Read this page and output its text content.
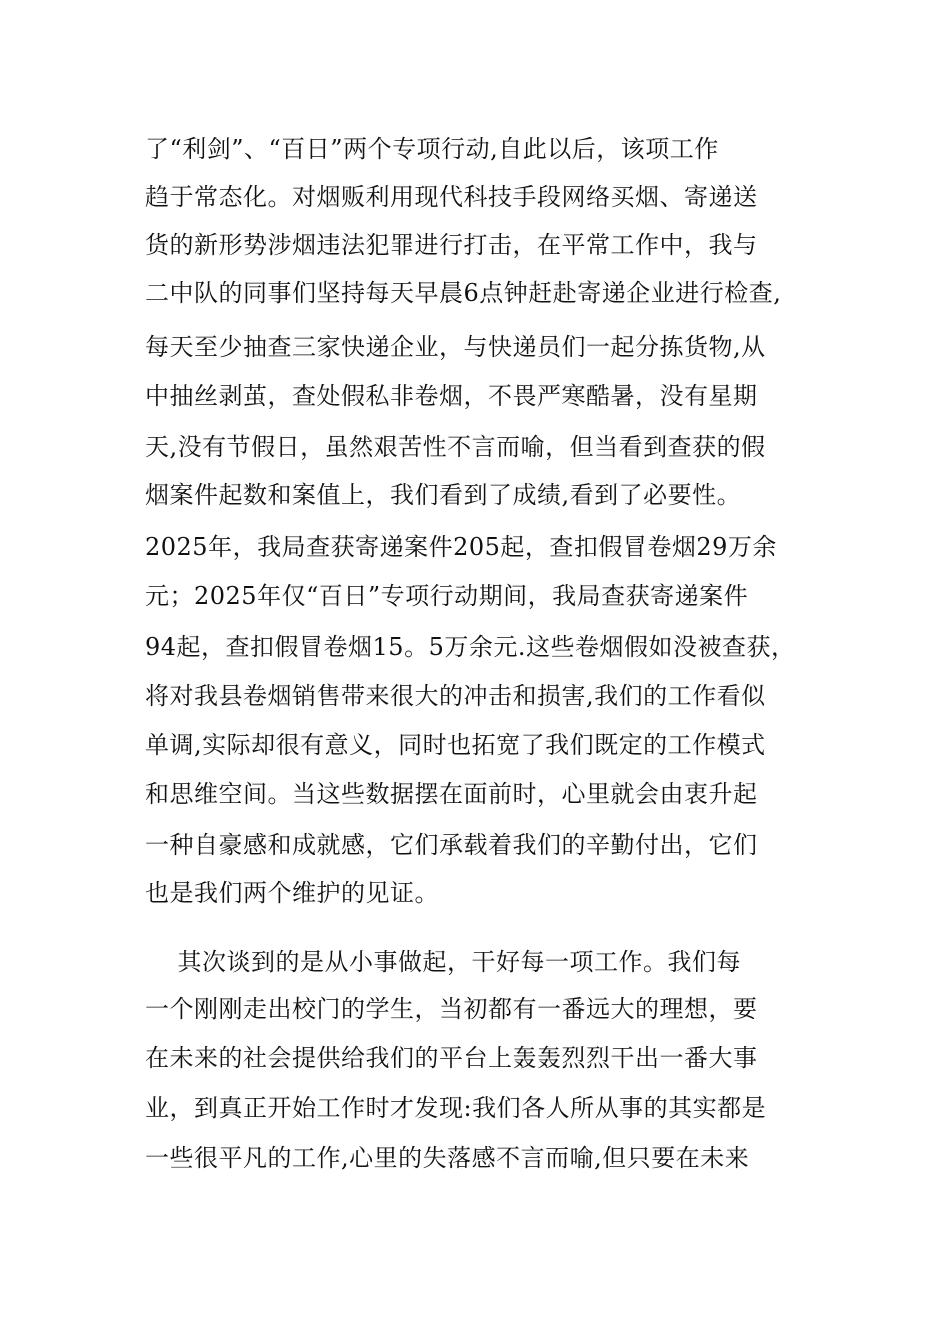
了“利剑”、“百日”两个专项行动,自此以后，该项工作
趋于常态化。对烟贩利用现代科技手段网络买烟、寄递送
货的新形势涉烟违法犯罪进行打击，在平常工作中，我与
二中队的同事们坚持每天早晨6点钟赶赴寄递企业进行检查,
每天至少抽查三家快递企业，与快递员们一起分拣货物,从
中抽丝剥茧，查处假私非卷烟，不畏严寒酷暑，没有星期
天,没有节假日，虽然艰苦性不言而喻，但当看到查获的假
烟案件起数和案值上，我们看到了成绩,看到了必要性。
2025年，我局查获寄递案件205起，查扣假冒卷烟29万余
元；2025年仅“百日”专项行动期间，我局查获寄递案件
94起，查扣假冒卷烟15。5万余元.这些卷烟假如没被查获，
将对我县卷烟销售带来很大的冲击和损害,我们的工作看似
单调,实际却很有意义，同时也拓宽了我们既定的工作模式
和思维空间。当这些数据摆在面前时，心里就会由衷升起
一种自豪感和成就感，它们承载着我们的辛勤付出，它们
也是我们两个维护的见证。
其次谈到的是从小事做起，干好每一项工作。我们每
一个刚刚走出校门的学生，当初都有一番远大的理想，要
在未来的社会提供给我们的平台上轰轰烈烈干出一番大事
业，到真正开始工作时才发现:我们各人所从事的其实都是
一些很平凡的工作,心里的失落感不言而喻,但只要在未来
